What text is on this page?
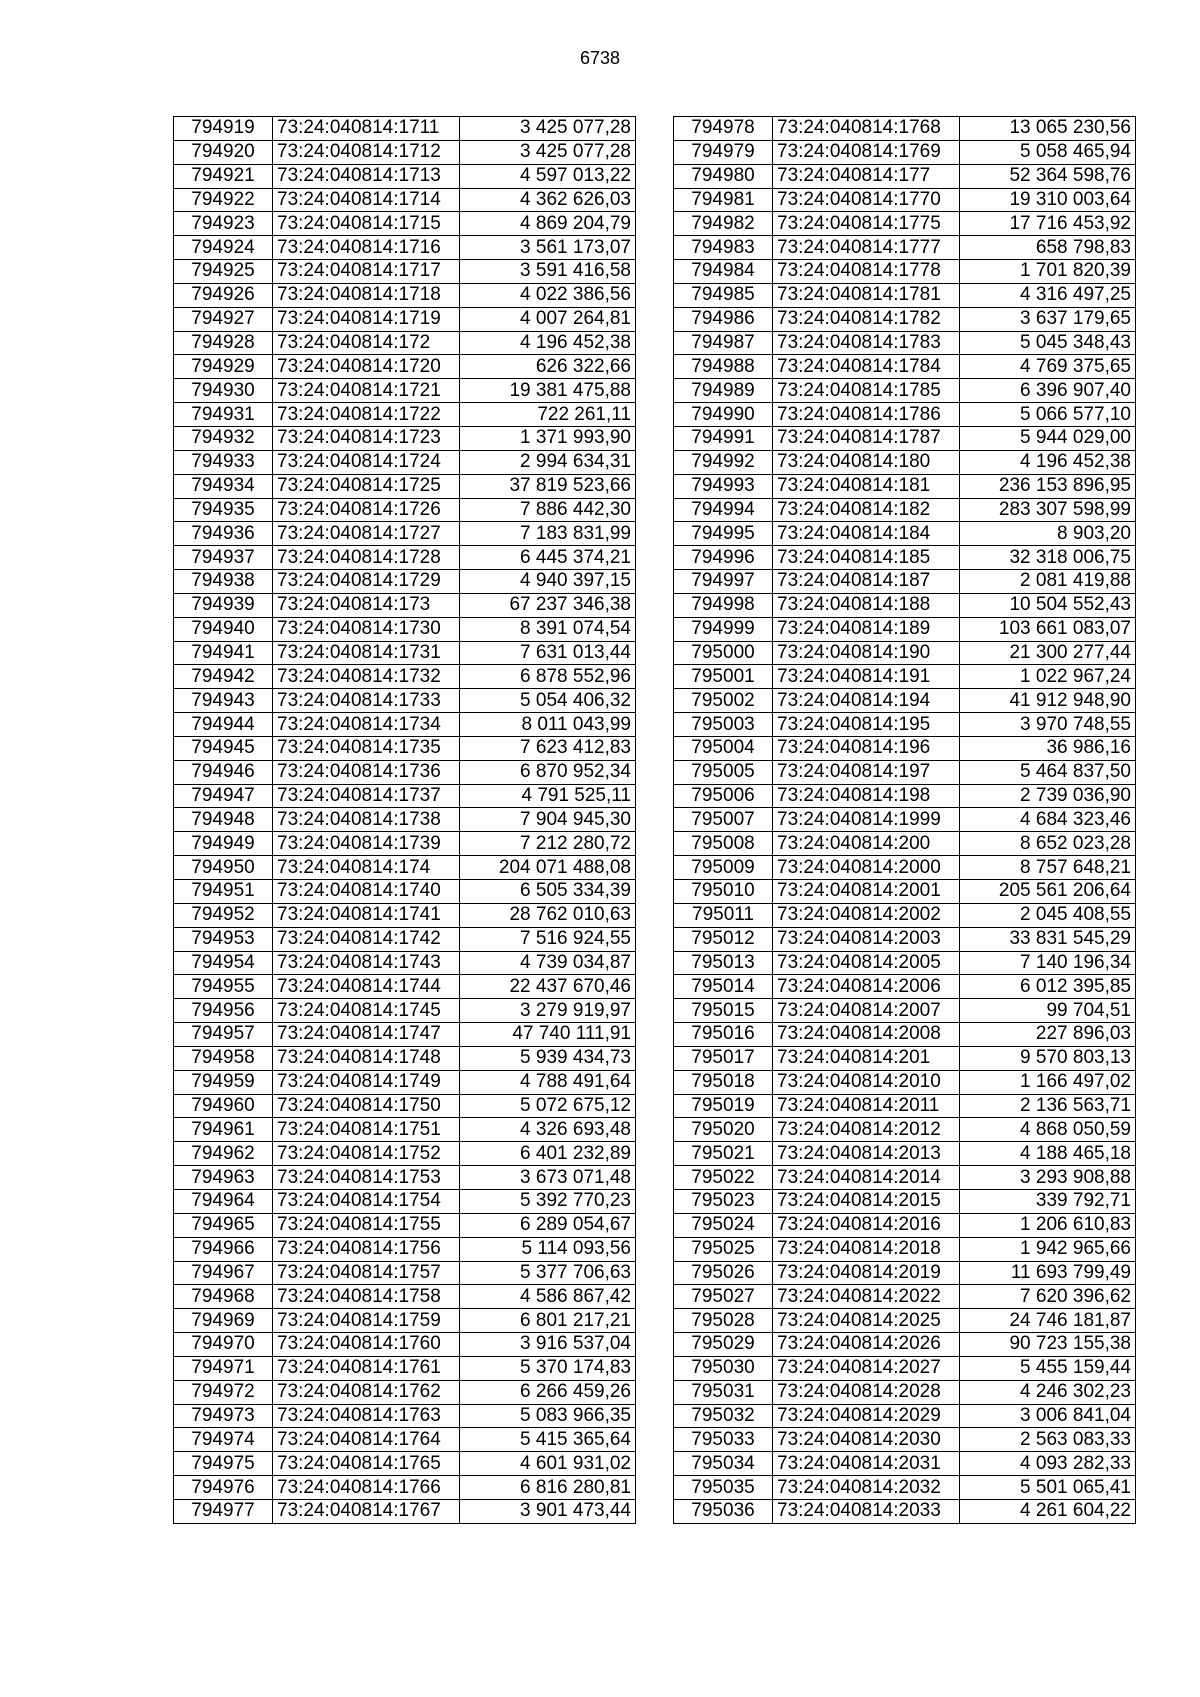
6738
794919	73:24:040814:1711	3 425 077,28
794920	73:24:040814:1712	3 425 077,28
794921	73:24:040814:1713	4 597 013,22
794922	73:24:040814:1714	4 362 626,03
794923	73:24:040814:1715	4 869 204,79
794924	73:24:040814:1716	3 561 173,07
794925	73:24:040814:1717	3 591 416,58
794926	73:24:040814:1718	4 022 386,56
794927	73:24:040814:1719	4 007 264,81
794928	73:24:040814:172	4 196 452,38
794929	73:24:040814:1720	626 322,66
794930	73:24:040814:1721	19 381 475,88
794931	73:24:040814:1722	722 261,11
794932	73:24:040814:1723	1 371 993,90
794933	73:24:040814:1724	2 994 634,31
794934	73:24:040814:1725	37 819 523,66
794935	73:24:040814:1726	7 886 442,30
794936	73:24:040814:1727	7 183 831,99
794937	73:24:040814:1728	6 445 374,21
794938	73:24:040814:1729	4 940 397,15
794939	73:24:040814:173	67 237 346,38
794940	73:24:040814:1730	8 391 074,54
794941	73:24:040814:1731	7 631 013,44
794942	73:24:040814:1732	6 878 552,96
794943	73:24:040814:1733	5 054 406,32
794944	73:24:040814:1734	8 011 043,99
794945	73:24:040814:1735	7 623 412,83
794946	73:24:040814:1736	6 870 952,34
794947	73:24:040814:1737	4 791 525,11
794948	73:24:040814:1738	7 904 945,30
794949	73:24:040814:1739	7 212 280,72
794950	73:24:040814:174	204 071 488,08
794951	73:24:040814:1740	6 505 334,39
794952	73:24:040814:1741	28 762 010,63
794953	73:24:040814:1742	7 516 924,55
794954	73:24:040814:1743	4 739 034,87
794955	73:24:040814:1744	22 437 670,46
794956	73:24:040814:1745	3 279 919,97
794957	73:24:040814:1747	47 740 111,91
794958	73:24:040814:1748	5 939 434,73
794959	73:24:040814:1749	4 788 491,64
794960	73:24:040814:1750	5 072 675,12
794961	73:24:040814:1751	4 326 693,48
794962	73:24:040814:1752	6 401 232,89
794963	73:24:040814:1753	3 673 071,48
794964	73:24:040814:1754	5 392 770,23
794965	73:24:040814:1755	6 289 054,67
794966	73:24:040814:1756	5 114 093,56
794967	73:24:040814:1757	5 377 706,63
794968	73:24:040814:1758	4 586 867,42
794969	73:24:040814:1759	6 801 217,21
794970	73:24:040814:1760	3 916 537,04
794971	73:24:040814:1761	5 370 174,83
794972	73:24:040814:1762	6 266 459,26
794973	73:24:040814:1763	5 083 966,35
794974	73:24:040814:1764	5 415 365,64
794975	73:24:040814:1765	4 601 931,02
794976	73:24:040814:1766	6 816 280,81
794977	73:24:040814:1767	3 901 473,44
794978	73:24:040814:1768	13 065 230,56
794979	73:24:040814:1769	5 058 465,94
794980	73:24:040814:177	52 364 598,76
794981	73:24:040814:1770	19 310 003,64
794982	73:24:040814:1775	17 716 453,92
794983	73:24:040814:1777	658 798,83
794984	73:24:040814:1778	1 701 820,39
794985	73:24:040814:1781	4 316 497,25
794986	73:24:040814:1782	3 637 179,65
794987	73:24:040814:1783	5 045 348,43
794988	73:24:040814:1784	4 769 375,65
794989	73:24:040814:1785	6 396 907,40
794990	73:24:040814:1786	5 066 577,10
794991	73:24:040814:1787	5 944 029,00
794992	73:24:040814:180	4 196 452,38
794993	73:24:040814:181	236 153 896,95
794994	73:24:040814:182	283 307 598,99
794995	73:24:040814:184	8 903,20
794996	73:24:040814:185	32 318 006,75
794997	73:24:040814:187	2 081 419,88
794998	73:24:040814:188	10 504 552,43
794999	73:24:040814:189	103 661 083,07
795000	73:24:040814:190	21 300 277,44
795001	73:24:040814:191	1 022 967,24
795002	73:24:040814:194	41 912 948,90
795003	73:24:040814:195	3 970 748,55
795004	73:24:040814:196	36 986,16
795005	73:24:040814:197	5 464 837,50
795006	73:24:040814:198	2 739 036,90
795007	73:24:040814:1999	4 684 323,46
795008	73:24:040814:200	8 652 023,28
795009	73:24:040814:2000	8 757 648,21
795010	73:24:040814:2001	205 561 206,64
795011	73:24:040814:2002	2 045 408,55
795012	73:24:040814:2003	33 831 545,29
795013	73:24:040814:2005	7 140 196,34
795014	73:24:040814:2006	6 012 395,85
795015	73:24:040814:2007	99 704,51
795016	73:24:040814:2008	227 896,03
795017	73:24:040814:201	9 570 803,13
795018	73:24:040814:2010	1 166 497,02
795019	73:24:040814:2011	2 136 563,71
795020	73:24:040814:2012	4 868 050,59
795021	73:24:040814:2013	4 188 465,18
795022	73:24:040814:2014	3 293 908,88
795023	73:24:040814:2015	339 792,71
795024	73:24:040814:2016	1 206 610,83
795025	73:24:040814:2018	1 942 965,66
795026	73:24:040814:2019	11 693 799,49
795027	73:24:040814:2022	7 620 396,62
795028	73:24:040814:2025	24 746 181,87
795029	73:24:040814:2026	90 723 155,38
795030	73:24:040814:2027	5 455 159,44
795031	73:24:040814:2028	4 246 302,23
795032	73:24:040814:2029	3 006 841,04
795033	73:24:040814:2030	2 563 083,33
795034	73:24:040814:2031	4 093 282,33
795035	73:24:040814:2032	5 501 065,41
795036	73:24:040814:2033	4 261 604,22
